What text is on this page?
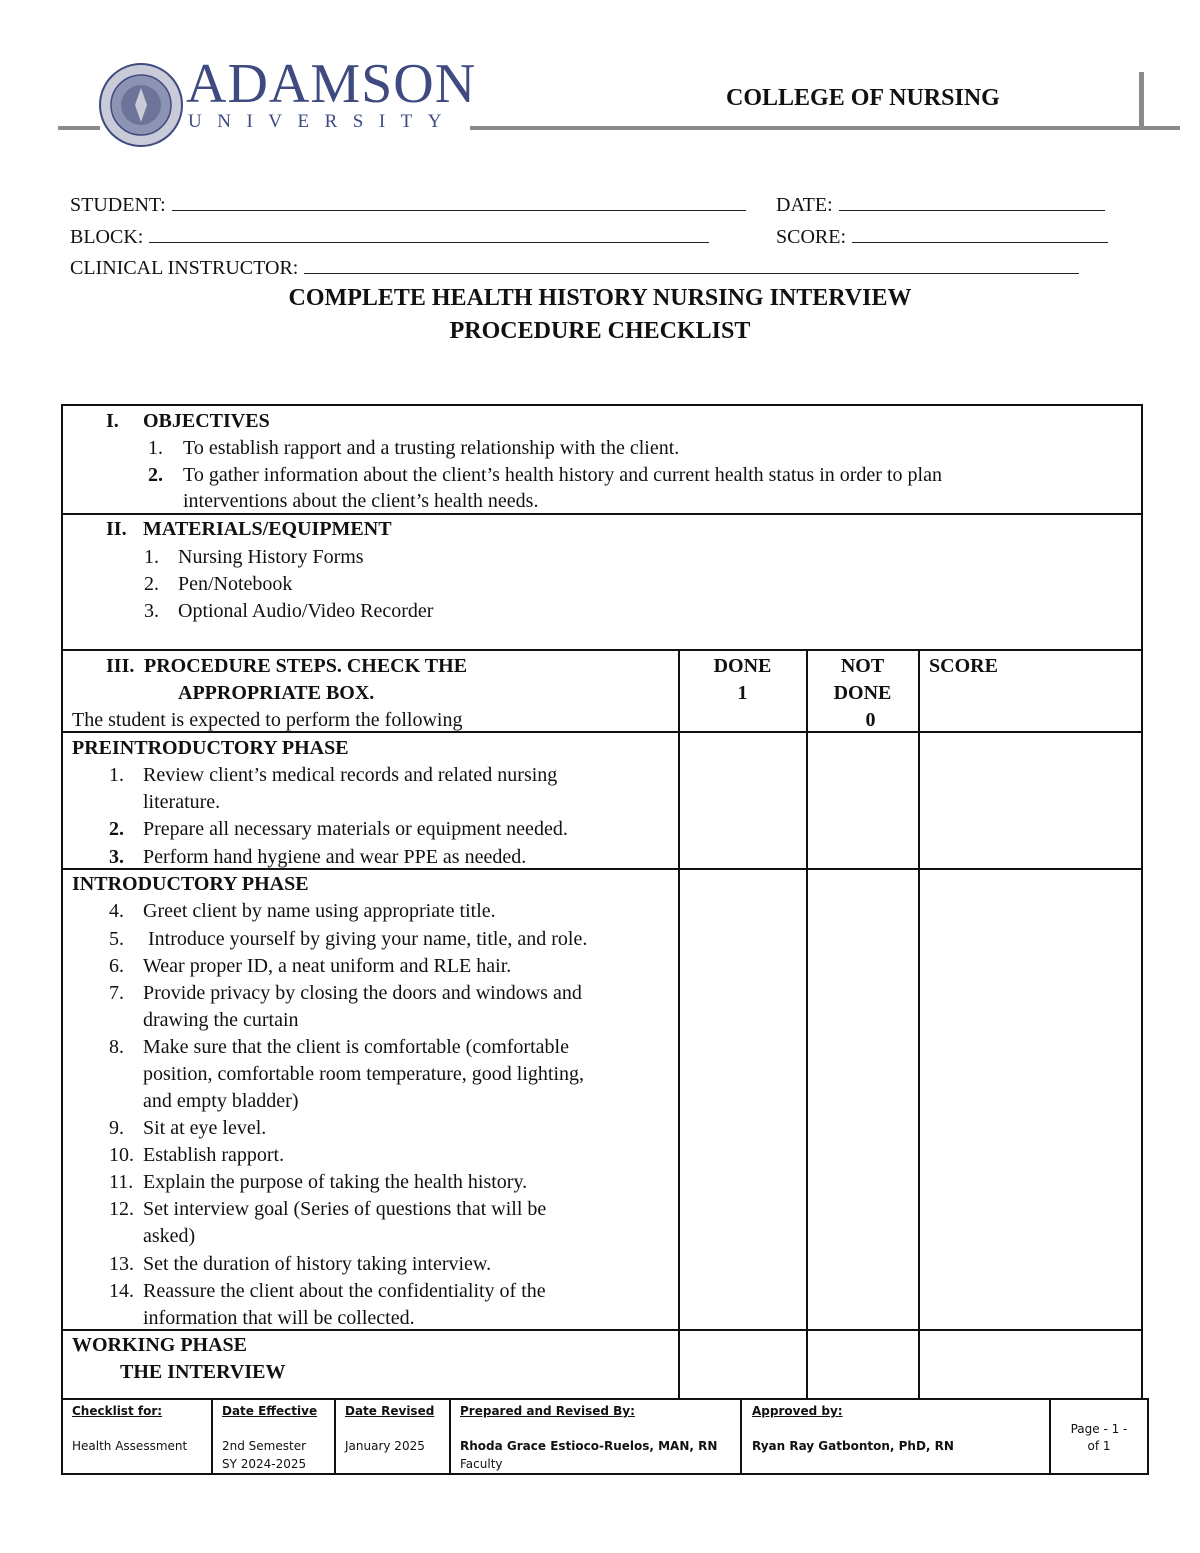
ADAMSON
UNIVERSITY
COLLEGE OF NURSING
STUDENT:	DATE:
BLOCK:	SCORE:
CLINICAL INSTRUCTOR:
COMPLETE HEALTH HISTORY NURSING INTERVIEW
PROCEDURE CHECKLIST
I. OBJECTIVES
1. To establish rapport and a trusting relationship with the client.
2. To gather information about the client’s health history and current health status in order to plan
interventions about the client’s health needs.
II. MATERIALS/EQUIPMENT
1. Nursing History Forms
2. Pen/Notebook
3. Optional Audio/Video Recorder
III. PROCEDURE STEPS. CHECK THE
APPROPRIATE BOX.
The student is expected to perform the following
DONE
1
NOT
DONE
0
SCORE
PREINTRODUCTORY PHASE
1. Review client’s medical records and related nursing
literature.
2. Prepare all necessary materials or equipment needed.
3. Perform hand hygiene and wear PPE as needed.
INTRODUCTORY PHASE
4. Greet client by name using appropriate title.
5. Introduce yourself by giving your name, title, and role.
6. Wear proper ID, a neat uniform and RLE hair.
7. Provide privacy by closing the doors and windows and
drawing the curtain
8. Make sure that the client is comfortable (comfortable
position, comfortable room temperature, good lighting,
and empty bladder)
9. Sit at eye level.
10. Establish rapport.
11. Explain the purpose of taking the health history.
12. Set interview goal (Series of questions that will be
asked)
13. Set the duration of history taking interview.
14. Reassure the client about the confidentiality of the
information that will be collected.
WORKING PHASE
THE INTERVIEW
Checklist for:
Health Assessment
Date Effective
2nd Semester
SY 2024-2025
Date Revised
January 2025
Prepared and Revised By:
Rhoda Grace Estioco-Ruelos, MAN, RN
Faculty
Approved by:
Ryan Ray Gatbonton, PhD, RN
Page - 1 -
of 1
